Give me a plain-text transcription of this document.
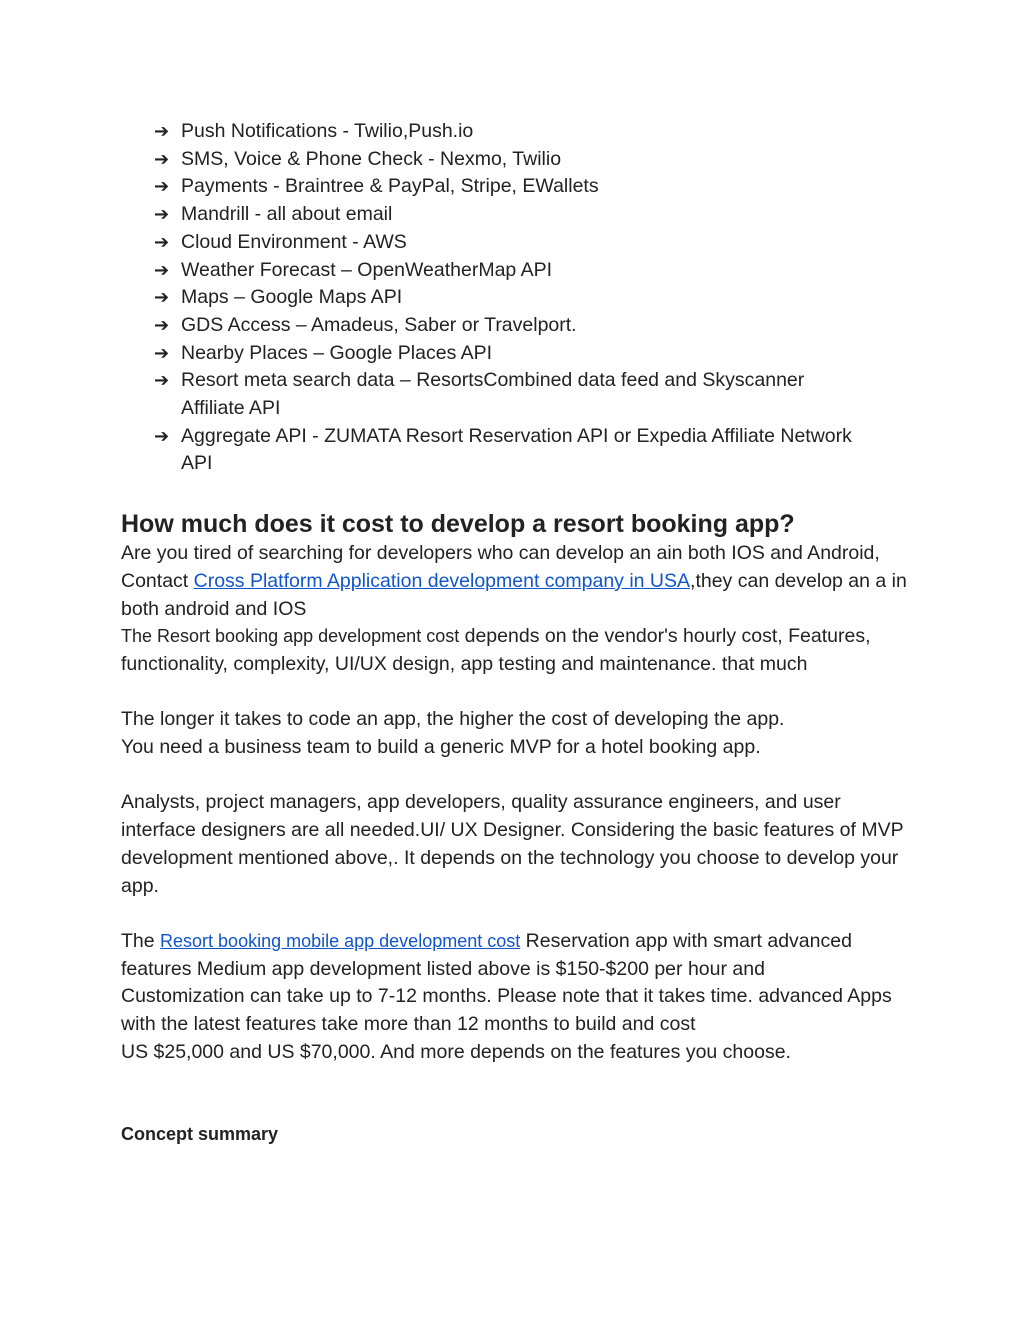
➔ Push Notifications - Twilio,Push.io
➔ SMS, Voice & Phone Check - Nexmo, Twilio
➔ Payments - Braintree & PayPal, Stripe, EWallets
➔ Mandrill - all about email
➔ Cloud Environment - AWS
➔ Weather Forecast – OpenWeatherMap API
➔ Maps – Google Maps API
➔ GDS Access – Amadeus, Saber or Travelport.
➔ Nearby Places – Google Places API
➔ Resort meta search data – ResortsCombined data feed and Skyscanner Affiliate API
➔ Aggregate API - ZUMATA Resort Reservation API or Expedia Affiliate Network API
How much does it cost to develop a resort booking app?

Are you tired of searching for developers who can develop an ain both IOS and Android, Contact Cross Platform Application development company in USA,they can develop an a in both android and IOS

The Resort booking app development cost depends on the vendor's hourly cost, Features, functionality, complexity, UI/UX design, app testing and maintenance. that much

The longer it takes to code an app, the higher the cost of developing the app.
You need a business team to build a generic MVP for a hotel booking app.

Analysts, project managers, app developers, quality assurance engineers, and user interface designers are all needed.UI/ UX Designer. Considering the basic features of MVP development mentioned above,. It depends on the technology you choose to develop your app.

The Resort booking mobile app development cost Reservation app with smart advanced features Medium app development listed above is $150-$200 per hour and

Customization can take up to 7-12 months. Please note that it takes time. advanced Apps with the latest features take more than 12 months to build and cost
US $25,000 and US $70,000. And more depends on the features you choose.

Concept summary
